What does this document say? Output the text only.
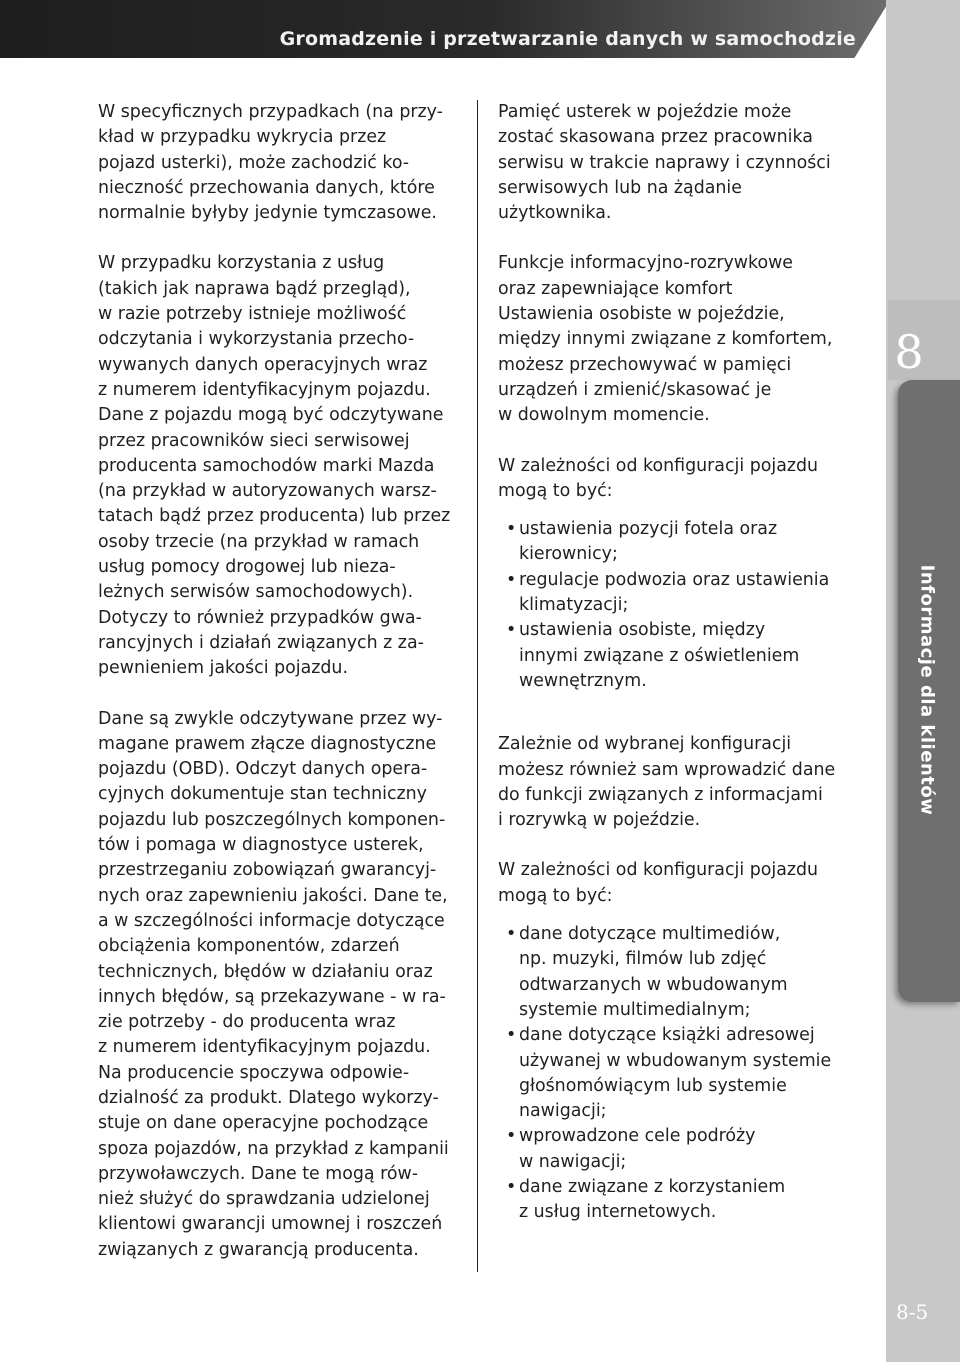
Gromadzenie i przetwarzanie danych w samochodzie
8
Informacje dla klientów
8-5

W specyficznych przypadkach (na przy-
kład w przypadku wykrycia przez
pojazd usterki), może zachodzić ko-
nieczność przechowania danych, które
normalnie byłyby jedynie tymczasowe.

W przypadku korzystania z usług
(takich jak naprawa bądź przegląd),
w razie potrzeby istnieje możliwość
odczytania i wykorzystania przecho-
wywanych danych operacyjnych wraz
z numerem identyfikacyjnym pojazdu.
Dane z pojazdu mogą być odczytywane
przez pracowników sieci serwisowej
producenta samochodów marki Mazda
(na przykład w autoryzowanych warsz-
tatach bądź przez producenta) lub przez
osoby trzecie (na przykład w ramach
usług pomocy drogowej lub nieza-
leżnych serwisów samochodowych).
Dotyczy to również przypadków gwa-
rancyjnych i działań związanych z za-
pewnieniem jakości pojazdu.

Dane są zwykle odczytywane przez wy-
magane prawem złącze diagnostyczne
pojazdu (OBD). Odczyt danych opera-
cyjnych dokumentuje stan techniczny
pojazdu lub poszczególnych komponen-
tów i pomaga w diagnostyce usterek,
przestrzeganiu zobowiązań gwarancyj-
nych oraz zapewnieniu jakości. Dane te,
a w szczególności informacje dotyczące
obciążenia komponentów, zdarzeń
technicznych, błędów w działaniu oraz
innych błędów, są przekazywane - w ra-
zie potrzeby - do producenta wraz
z numerem identyfikacyjnym pojazdu.
Na producencie spoczywa odpowie-
dzialność za produkt. Dlatego wykorzy-
stuje on dane operacyjne pochodzące
spoza pojazdów, na przykład z kampanii
przywoławczych. Dane te mogą rów-
nież służyć do sprawdzania udzielonej
klientowi gwarancji umownej i roszczeń
związanych z gwarancją producenta.

Pamięć usterek w pojeździe może
zostać skasowana przez pracownika
serwisu w trakcie naprawy i czynności
serwisowych lub na żądanie
użytkownika.

Funkcje informacyjno-rozrywkowe
oraz zapewniające komfort
Ustawienia osobiste w pojeździe,
między innymi związane z komfortem,
możesz przechowywać w pamięci
urządzeń i zmienić/skasować je
w dowolnym momencie.

W zależności od konfiguracji pojazdu
mogą to być:

• ustawienia pozycji fotela oraz
kierownicy;
• regulacje podwozia oraz ustawienia
klimatyzacji;
• ustawienia osobiste, między
innymi związane z oświetleniem
wewnętrznym.

Zależnie od wybranej konfiguracji
możesz również sam wprowadzić dane
do funkcji związanych z informacjami
i rozrywką w pojeździe.

W zależności od konfiguracji pojazdu
mogą to być:

• dane dotyczące multimediów,
np. muzyki, filmów lub zdjęć
odtwarzanych w wbudowanym
systemie multimedialnym;
• dane dotyczące książki adresowej
używanej w wbudowanym systemie
głośnomówiącym lub systemie
nawigacji;
• wprowadzone cele podróży
w nawigacji;
• dane związane z korzystaniem
z usług internetowych.
